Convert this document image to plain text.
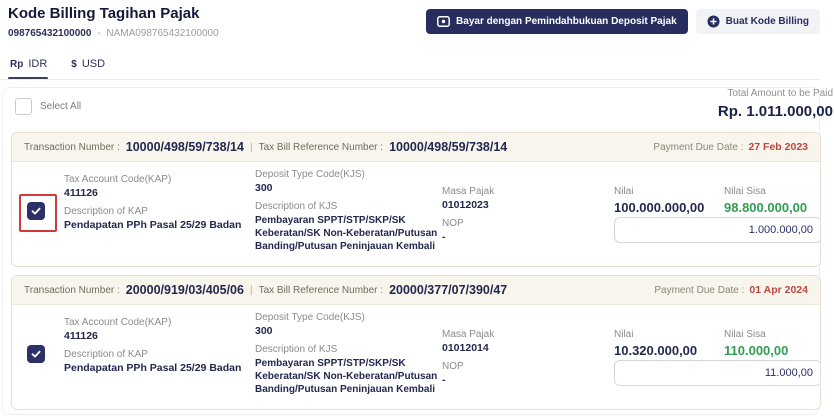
Kode Billing Tagihan Pajak
098765432100000 - NAMA098765432100000
Bayar dengan Pemindahbukuan Deposit Pajak	Buat Kode Billing
Rp IDR $ USD
Select All
Total Amount to be Paid
Rp. 1.011.000,00
Transaction Number : 10000/498/59/738/14 | Tax Bill Reference Number : 10000/498/59/738/14	Payment Due Date : 27 Feb 2023
Tax Account Code(KAP)
411126
Description of KAP
Pendapatan PPh Pasal 25/29 Badan
Deposit Type Code(KJS)
300
Description of KJS
Pembayaran SPPT/STP/SKP/SK Keberatan/SK Non-Keberatan/Putusan Banding/Putusan Peninjauan Kembali
Masa Pajak
01012023
NOP
-
Nilai
100.000.000,00
Nilai Sisa
98.800.000,00
1.000.000,00
Transaction Number : 20000/919/03/405/06 | Tax Bill Reference Number : 20000/377/07/390/47	Payment Due Date : 01 Apr 2024
Tax Account Code(KAP)
411126
Description of KAP
Pendapatan PPh Pasal 25/29 Badan
Deposit Type Code(KJS)
300
Description of KJS
Pembayaran SPPT/STP/SKP/SK Keberatan/SK Non-Keberatan/Putusan Banding/Putusan Peninjauan Kembali
Masa Pajak
01012014
NOP
-
Nilai
10.320.000,00
Nilai Sisa
110.000,00
11.000,00
